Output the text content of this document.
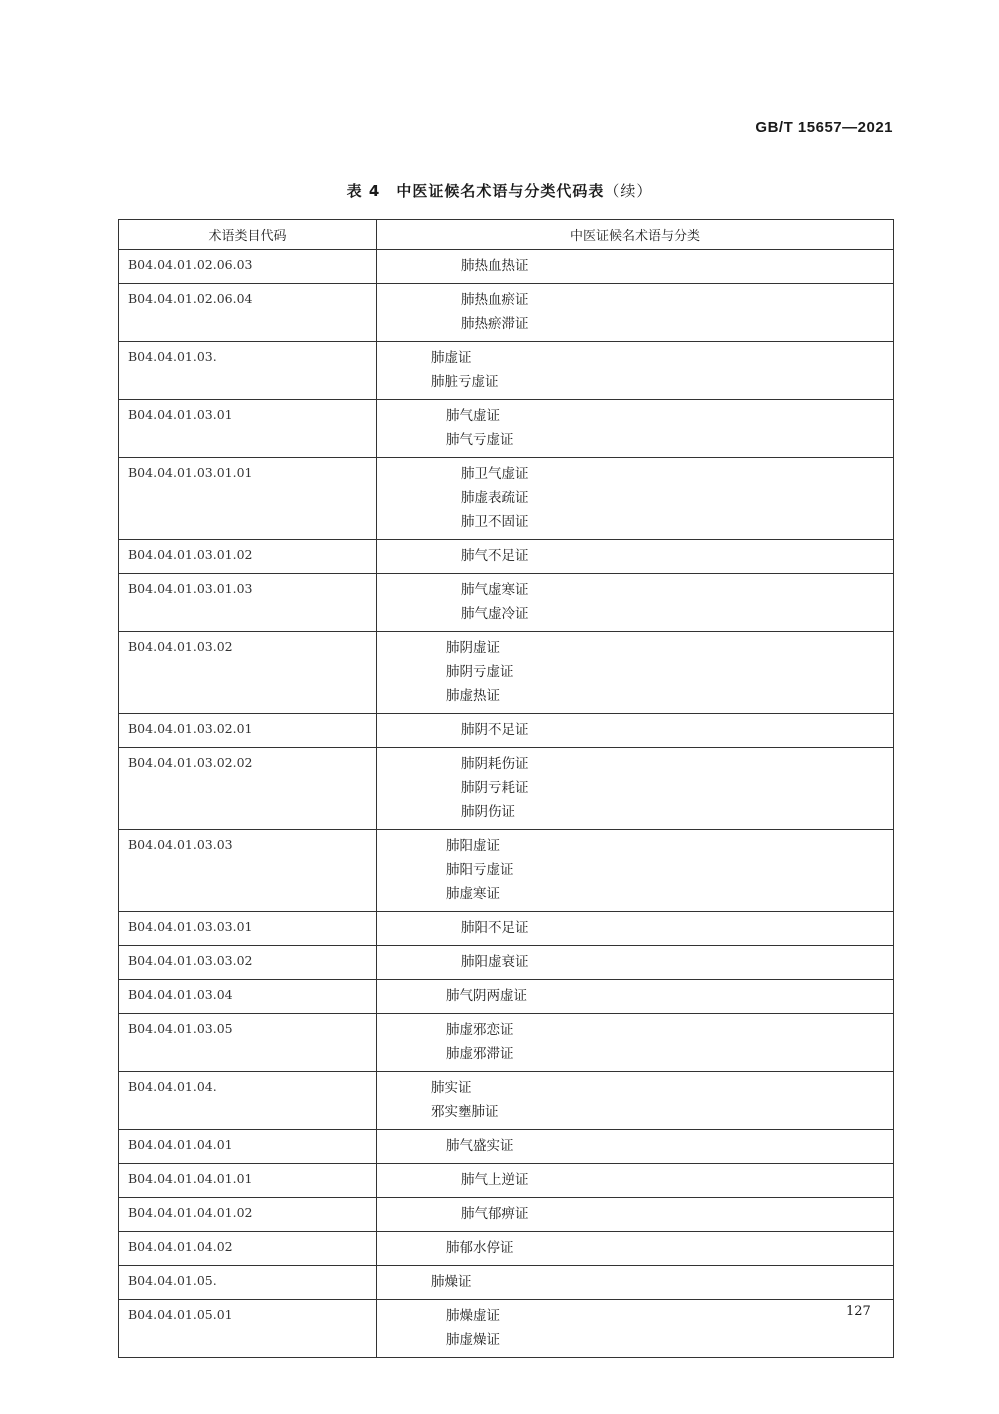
GB/T 15657—2021
表 4 中医证候名术语与分类代码表（续）
术语类目代码	中医证候名术语与分类
B04.04.01.02.06.03	肺热血热证

B04.04.01.02.06.04	肺热血瘀证
肺热瘀滞证

B04.04.01.03.	肺虚证
肺脏亏虚证

B04.04.01.03.01	肺气虚证
肺气亏虚证

B04.04.01.03.01.01	肺卫气虚证
肺虚表疏证
肺卫不固证

B04.04.01.03.01.02	肺气不足证

B04.04.01.03.01.03	肺气虚寒证
肺气虚冷证

B04.04.01.03.02	肺阴虚证
肺阴亏虚证
肺虚热证

B04.04.01.03.02.01	肺阴不足证

B04.04.01.03.02.02	肺阴耗伤证
肺阴亏耗证
肺阴伤证

B04.04.01.03.03	肺阳虚证
肺阳亏虚证
肺虚寒证

B04.04.01.03.03.01	肺阳不足证

B04.04.01.03.03.02	肺阳虚衰证

B04.04.01.03.04	肺气阴两虚证

B04.04.01.03.05	肺虚邪恋证
肺虚邪滞证

B04.04.01.04.	肺实证
邪实壅肺证

B04.04.01.04.01	肺气盛实证

B04.04.01.04.01.01	肺气上逆证

B04.04.01.04.01.02	肺气郁痹证

B04.04.01.04.02	肺郁水停证

B04.04.01.05.	肺燥证

B04.04.01.05.01	肺燥虚证
肺虚燥证
127
